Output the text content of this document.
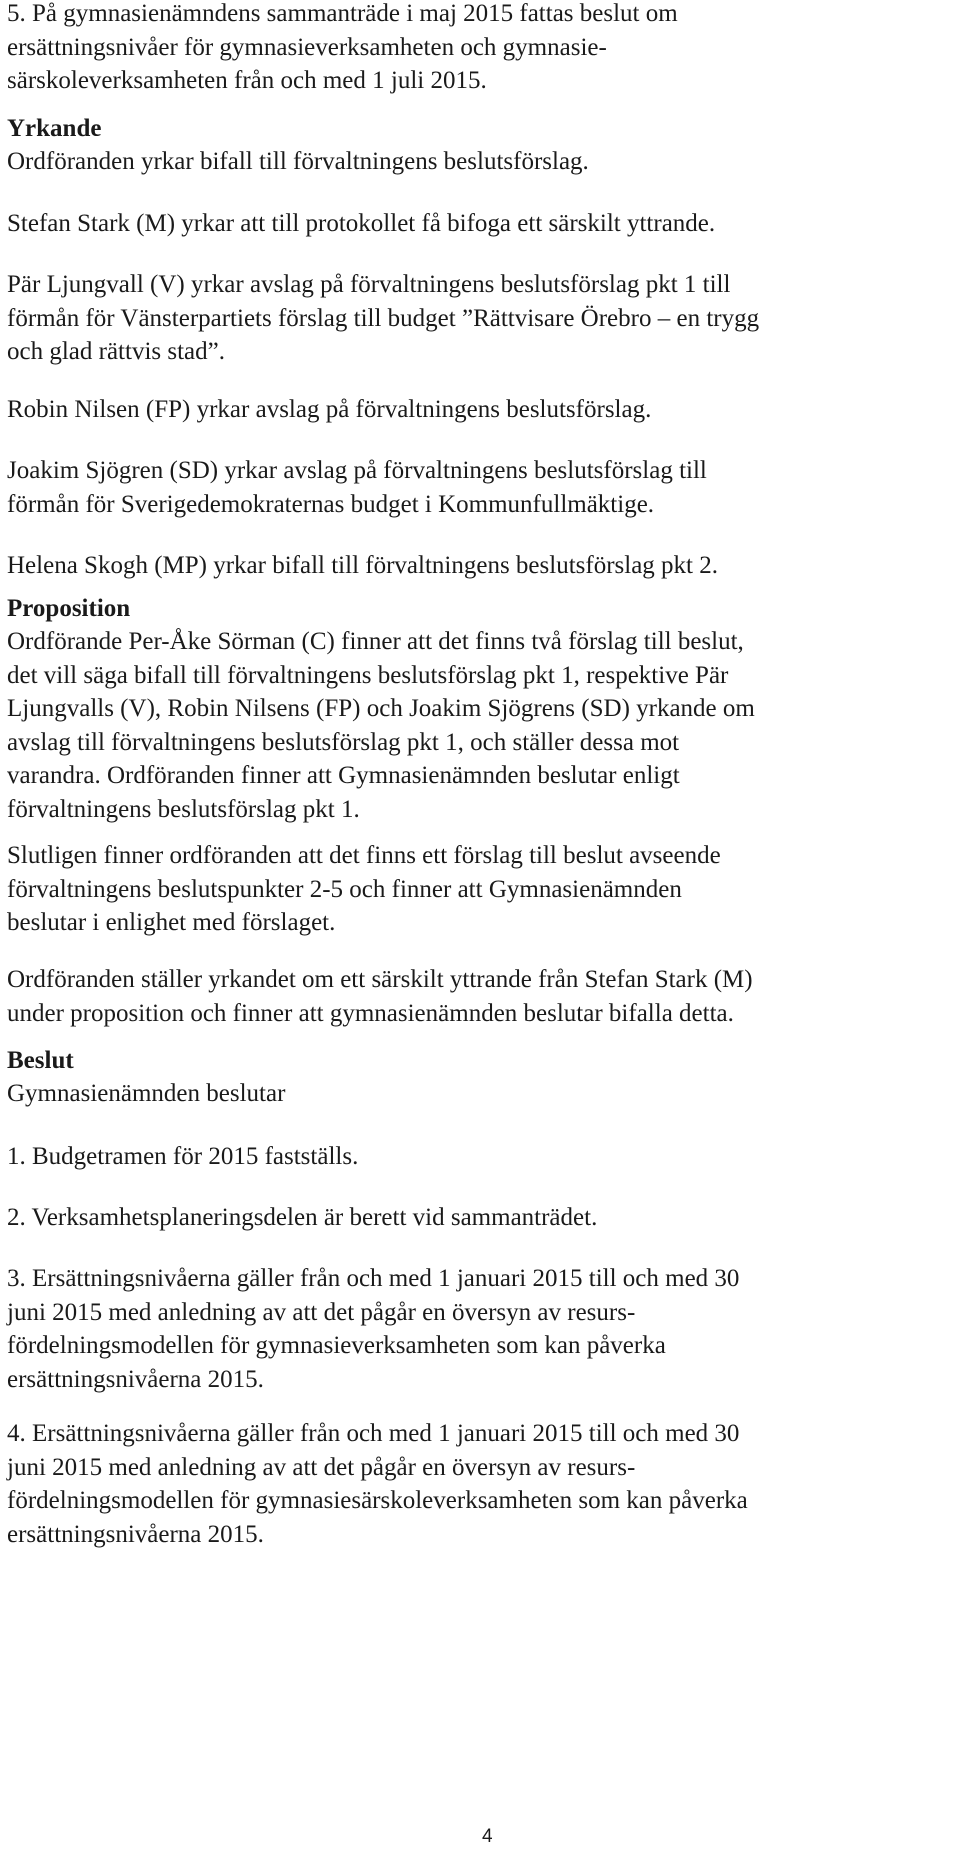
5. På gymnasienämndens sammanträde i maj 2015 fattas beslut om
ersättningsnivåer för gymnasieverksamheten och gymnasie-
särskoleverksamheten från och med 1 juli 2015.

Yrkande

Ordföranden yrkar bifall till förvaltningens beslutsförslag.

Stefan Stark (M) yrkar att till protokollet få bifoga ett särskilt yttrande.

Pär Ljungvall (V) yrkar avslag på förvaltningens beslutsförslag pkt 1 till
förmån för Vänsterpartiets förslag till budget ”Rättvisare Örebro – en trygg
och glad rättvis stad”.

Robin Nilsen (FP) yrkar avslag på förvaltningens beslutsförslag.

Joakim Sjögren (SD) yrkar avslag på förvaltningens beslutsförslag till
förmån för Sverigedemokraternas budget i Kommunfullmäktige.

Helena Skogh (MP) yrkar bifall till förvaltningens beslutsförslag pkt 2.

Proposition

Ordförande Per-Åke Sörman (C) finner att det finns två förslag till beslut,
det vill säga bifall till förvaltningens beslutsförslag pkt 1, respektive Pär
Ljungvalls (V), Robin Nilsens (FP) och Joakim Sjögrens (SD) yrkande om
avslag till förvaltningens beslutsförslag pkt 1, och ställer dessa mot
varandra. Ordföranden finner att Gymnasienämnden beslutar enligt
förvaltningens beslutsförslag pkt 1.

Slutligen finner ordföranden att det finns ett förslag till beslut avseende
förvaltningens beslutspunkter 2-5 och finner att Gymnasienämnden
beslutar i enlighet med förslaget.

Ordföranden ställer yrkandet om ett särskilt yttrande från Stefan Stark (M)
under proposition och finner att gymnasienämnden beslutar bifalla detta.

Beslut

Gymnasienämnden beslutar

1. Budgetramen för 2015 fastställs.

2. Verksamhetsplaneringsdelen är berett vid sammanträdet.

3. Ersättningsnivåerna gäller från och med 1 januari 2015 till och med 30
juni 2015 med anledning av att det pågår en översyn av resurs-
fördelningsmodellen för gymnasieverksamheten som kan påverka
ersättningsnivåerna 2015.

4. Ersättningsnivåerna gäller från och med 1 januari 2015 till och med 30
juni 2015 med anledning av att det pågår en översyn av resurs-
fördelningsmodellen för gymnasiesärskoleverksamheten som kan påverka
ersättningsnivåerna 2015.

4
